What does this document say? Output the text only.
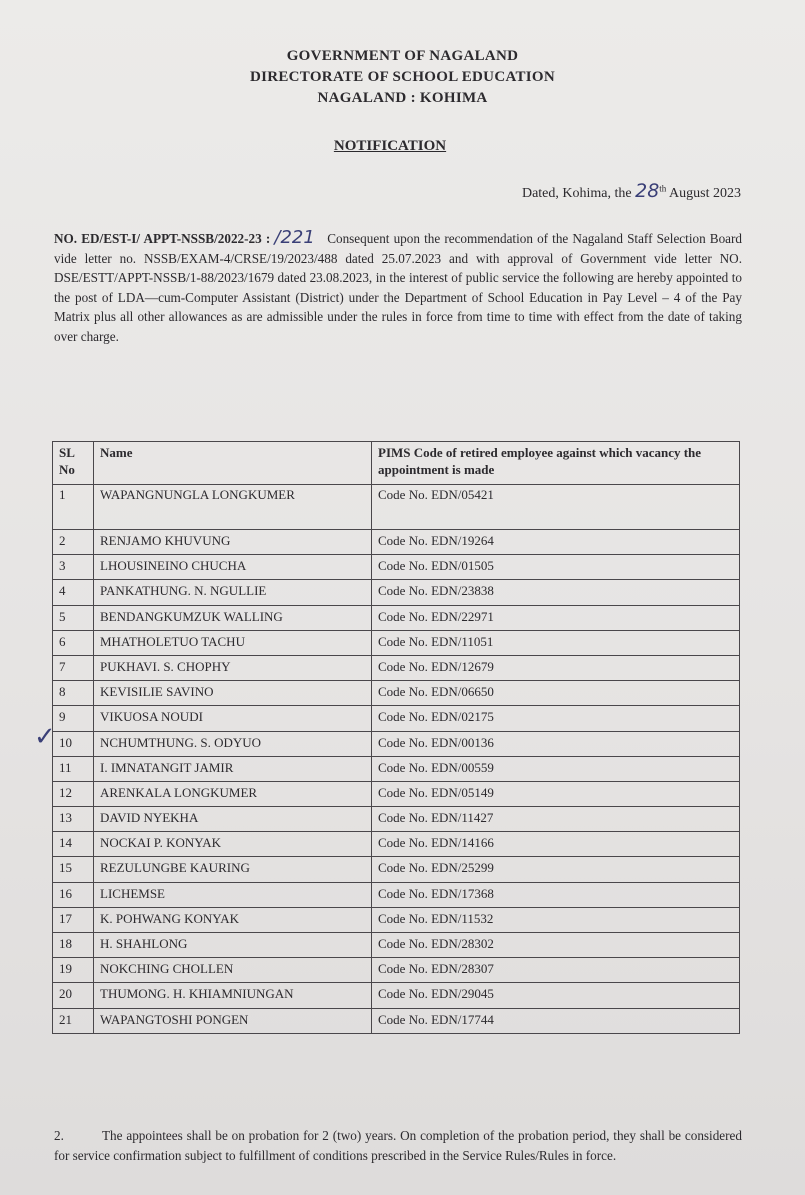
GOVERNMENT OF NAGALAND
DIRECTORATE OF SCHOOL EDUCATION
NAGALAND : KOHIMA
NOTIFICATION
Dated, Kohima, the 28th August 2023
NO. ED/EST-I/ APPT-NSSB/2022-23 : /221 Consequent upon the recommendation of the Nagaland Staff Selection Board vide letter no. NSSB/EXAM-4/CRSE/19/2023/488 dated 25.07.2023 and with approval of Government vide letter NO. DSE/ESTT/APPT-NSSB/1-88/2023/1679 dated 23.08.2023, in the interest of public service the following are hereby appointed to the post of LDA—cum-Computer Assistant (District) under the Department of School Education in Pay Level – 4 of the Pay Matrix plus all other allowances as are admissible under the rules in force from time to time with effect from the date of taking over charge.
SL No	Name	PIMS Code of retired employee against which vacancy the appointment is made
1	WAPANGNUNGLA LONGKUMER	Code No. EDN/05421
2	RENJAMO KHUVUNG	Code No. EDN/19264
3	LHOUSINEINO CHUCHA	Code No. EDN/01505
4	PANKATHUNG. N. NGULLIE	Code No. EDN/23838
5	BENDANGKUMZUK WALLING	Code No. EDN/22971
6	MHATHOLETUO TACHU	Code No. EDN/11051
7	PUKHAVI. S. CHOPHY	Code No. EDN/12679
8	KEVISILIE SAVINO	Code No. EDN/06650
9	VIKUOSA NOUDI	Code No. EDN/02175
10	NCHUMTHUNG. S. ODYUO	Code No. EDN/00136
11	I. IMNATANGIT JAMIR	Code No. EDN/00559
12	ARENKALA LONGKUMER	Code No. EDN/05149
13	DAVID NYEKHA	Code No. EDN/11427
14	NOCKAI P. KONYAK	Code No. EDN/14166
15	REZULUNGBE KAURING	Code No. EDN/25299
16	LICHEMSE	Code No. EDN/17368
17	K. POHWANG KONYAK	Code No. EDN/11532
18	H. SHAHLONG	Code No. EDN/28302
19	NOKCHING CHOLLEN	Code No. EDN/28307
20	THUMONG. H. KHIAMNIUNGAN	Code No. EDN/29045
21	WAPANGTOSHI PONGEN	Code No. EDN/17744
✓
2.	The appointees shall be on probation for 2 (two) years. On completion of the probation period, they shall be considered for service confirmation subject to fulfillment of conditions prescribed in the Service Rules/Rules in force.
